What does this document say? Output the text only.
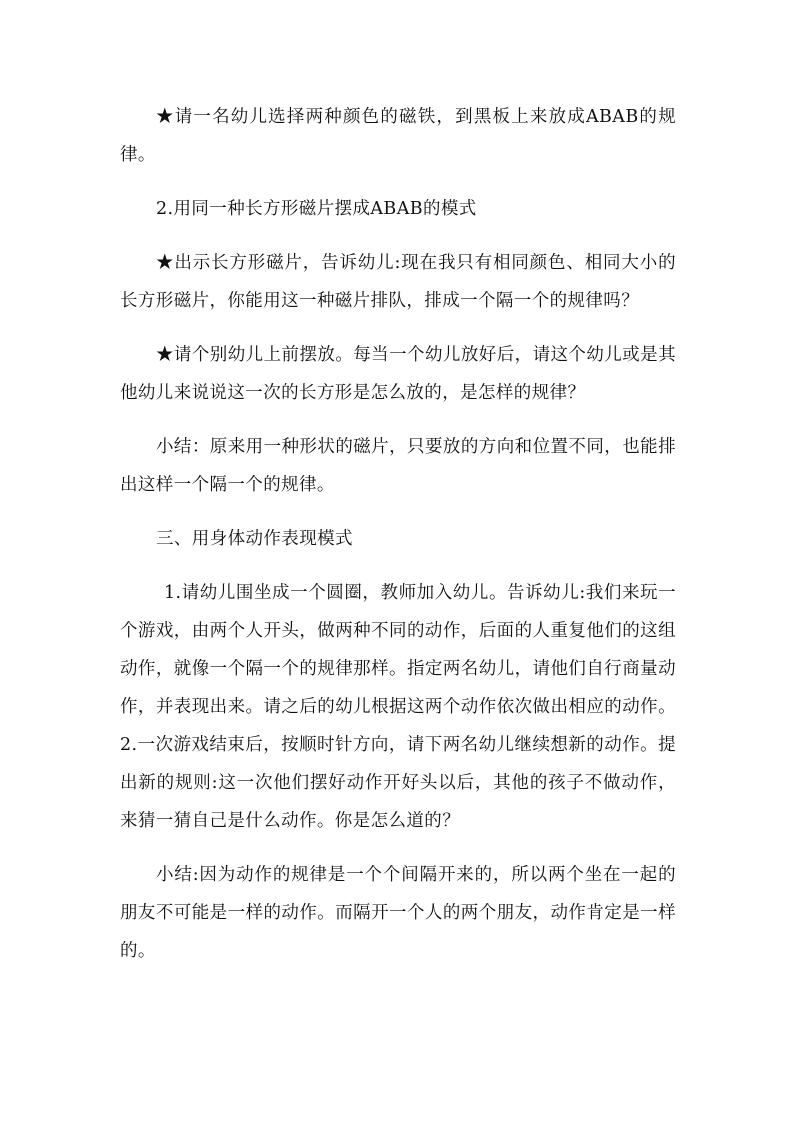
★请一名幼儿选择两种颜色的磁铁，到黑板上来放成ABAB的规律。

2.用同一种长方形磁片摆成ABAB的模式

★出示长方形磁片，告诉幼儿:现在我只有相同颜色、相同大小的长方形磁片，你能用这一种磁片排队，排成一个隔一个的规律吗？

★请个别幼儿上前摆放。每当一个幼儿放好后，请这个幼儿或是其他幼儿来说说这一次的长方形是怎么放的，是怎样的规律？

小结：原来用一种形状的磁片，只要放的方向和位置不同，也能排出这样一个隔一个的规律。

三、用身体动作表现模式

1.请幼儿围坐成一个圆圈，教师加入幼儿。告诉幼儿:我们来玩一个游戏，由两个人开头，做两种不同的动作，后面的人重复他们的这组动作，就像一个隔一个的规律那样。指定两名幼儿，请他们自行商量动作，并表现出来。请之后的幼儿根据这两个动作依次做出相应的动作。2.一次游戏结束后，按顺时针方向，请下两名幼儿继续想新的动作。提出新的规则:这一次他们摆好动作开好头以后，其他的孩子不做动作，来猜一猜自己是什么动作。你是怎么道的？

小结:因为动作的规律是一个个间隔开来的，所以两个坐在一起的朋友不可能是一样的动作。而隔开一个人的两个朋友，动作肯定是一样的。
